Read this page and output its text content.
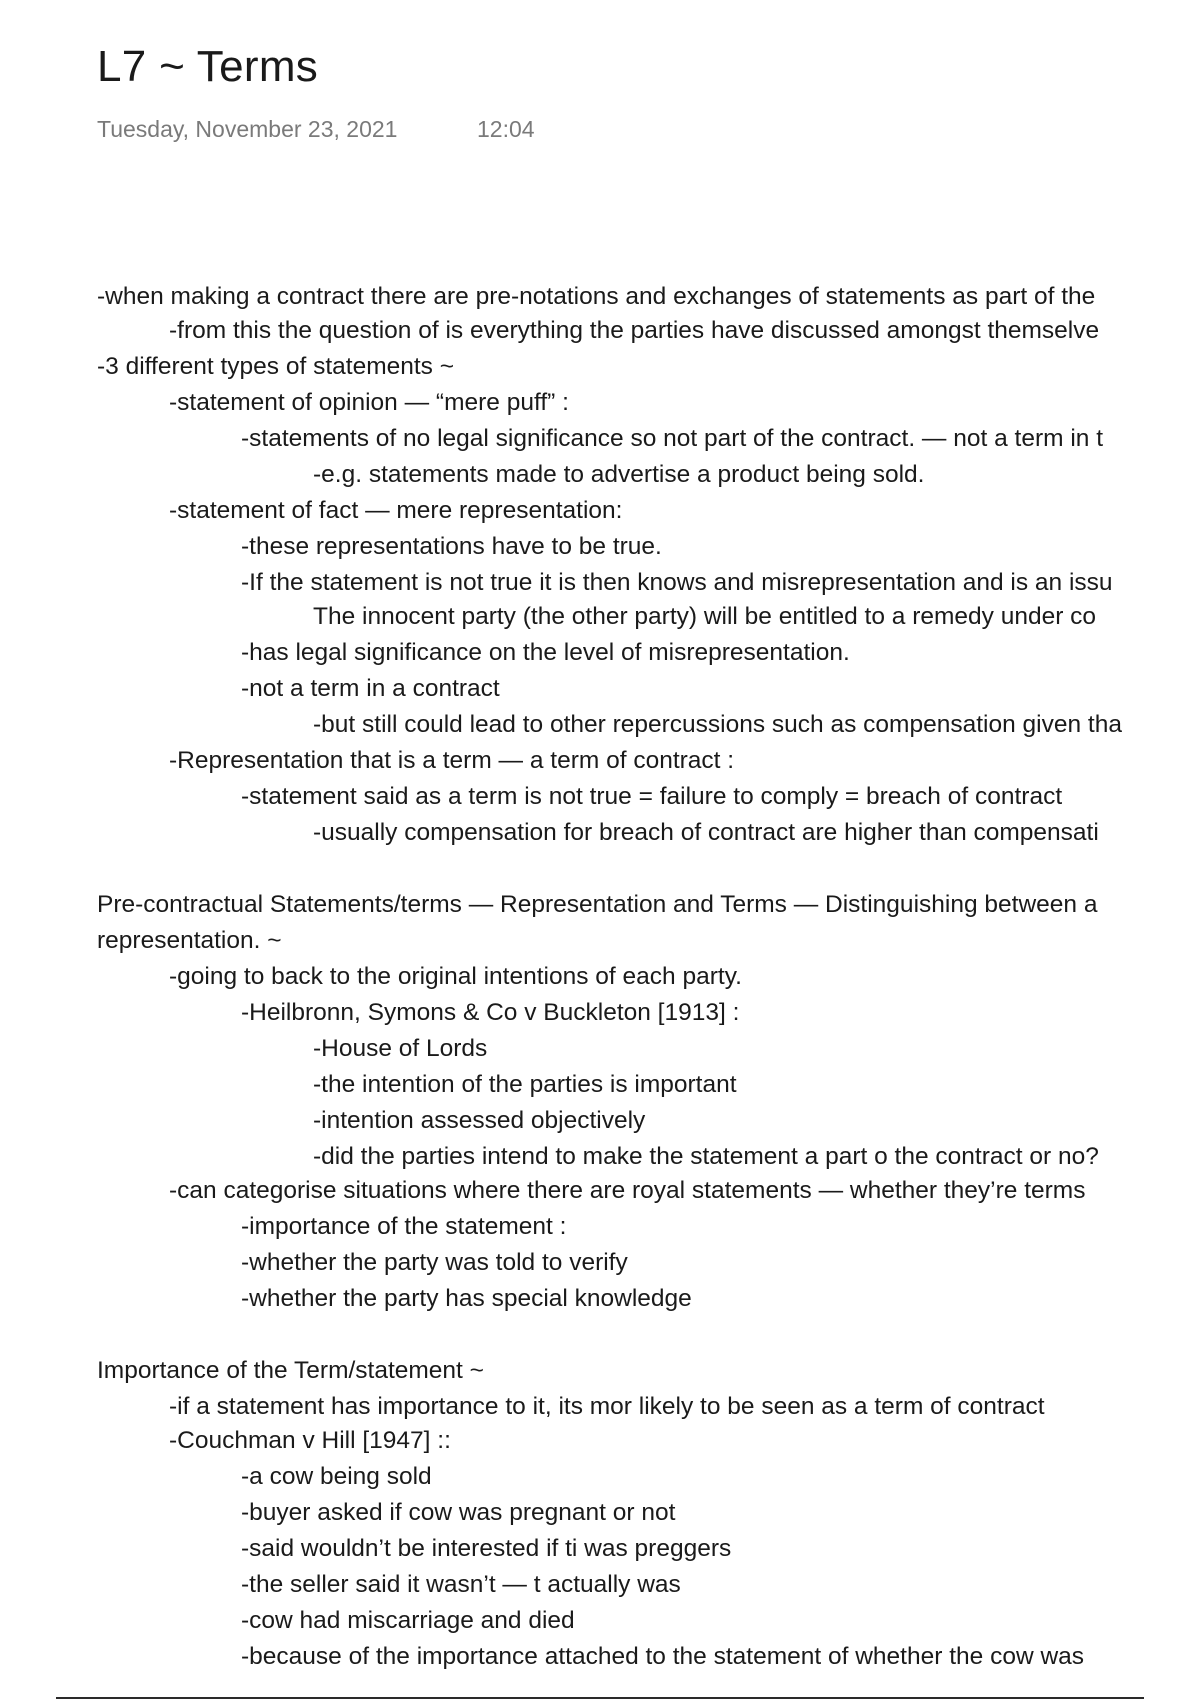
L7 ~ Terms
Tuesday, November 23, 2021	12:04
-when making a contract there are pre-notations and exchanges of statements as part of the
-from this the question of is everything the parties have discussed amongst themselve
-3 different types of statements ~
-statement of opinion — “mere puff” :
-statements of no legal significance so not part of the contract. — not a term in t
-e.g. statements made to advertise a product being sold.
-statement of fact — mere representation:
-these representations have to be true.
-If the statement is not true it is then knows and misrepresentation and is an issu
The innocent party (the other party) will be entitled to a remedy under co
-has legal significance on the level of misrepresentation.
-not a term in a contract
-but still could lead to other repercussions such as compensation given tha
-Representation that is a term — a term of contract :
-statement said as a term is not true = failure to comply = breach of contract
-usually compensation for breach of contract are higher than compensati
Pre-contractual Statements/terms — Representation and Terms — Distinguishing between a
representation. ~
-going to back to the original intentions of each party.
-Heilbronn, Symons & Co v Buckleton [1913] :
-House of Lords
-the intention of the parties is important
-intention assessed objectively
-did the parties intend to make the statement a part o the contract or no?
-can categorise situations where there are royal statements — whether they’re terms
-importance of the statement :
-whether the party was told to verify
-whether the party has special knowledge
Importance of the Term/statement ~
-if a statement has importance to it, its mor likely to be seen as a term of contract
-Couchman v Hill [1947] ::
-a cow being sold
-buyer asked if cow was pregnant or not
-said wouldn’t be interested if ti was preggers
-the seller said it wasn’t — t actually was
-cow had miscarriage and died
-because of the importance attached to the statement of whether the cow was
